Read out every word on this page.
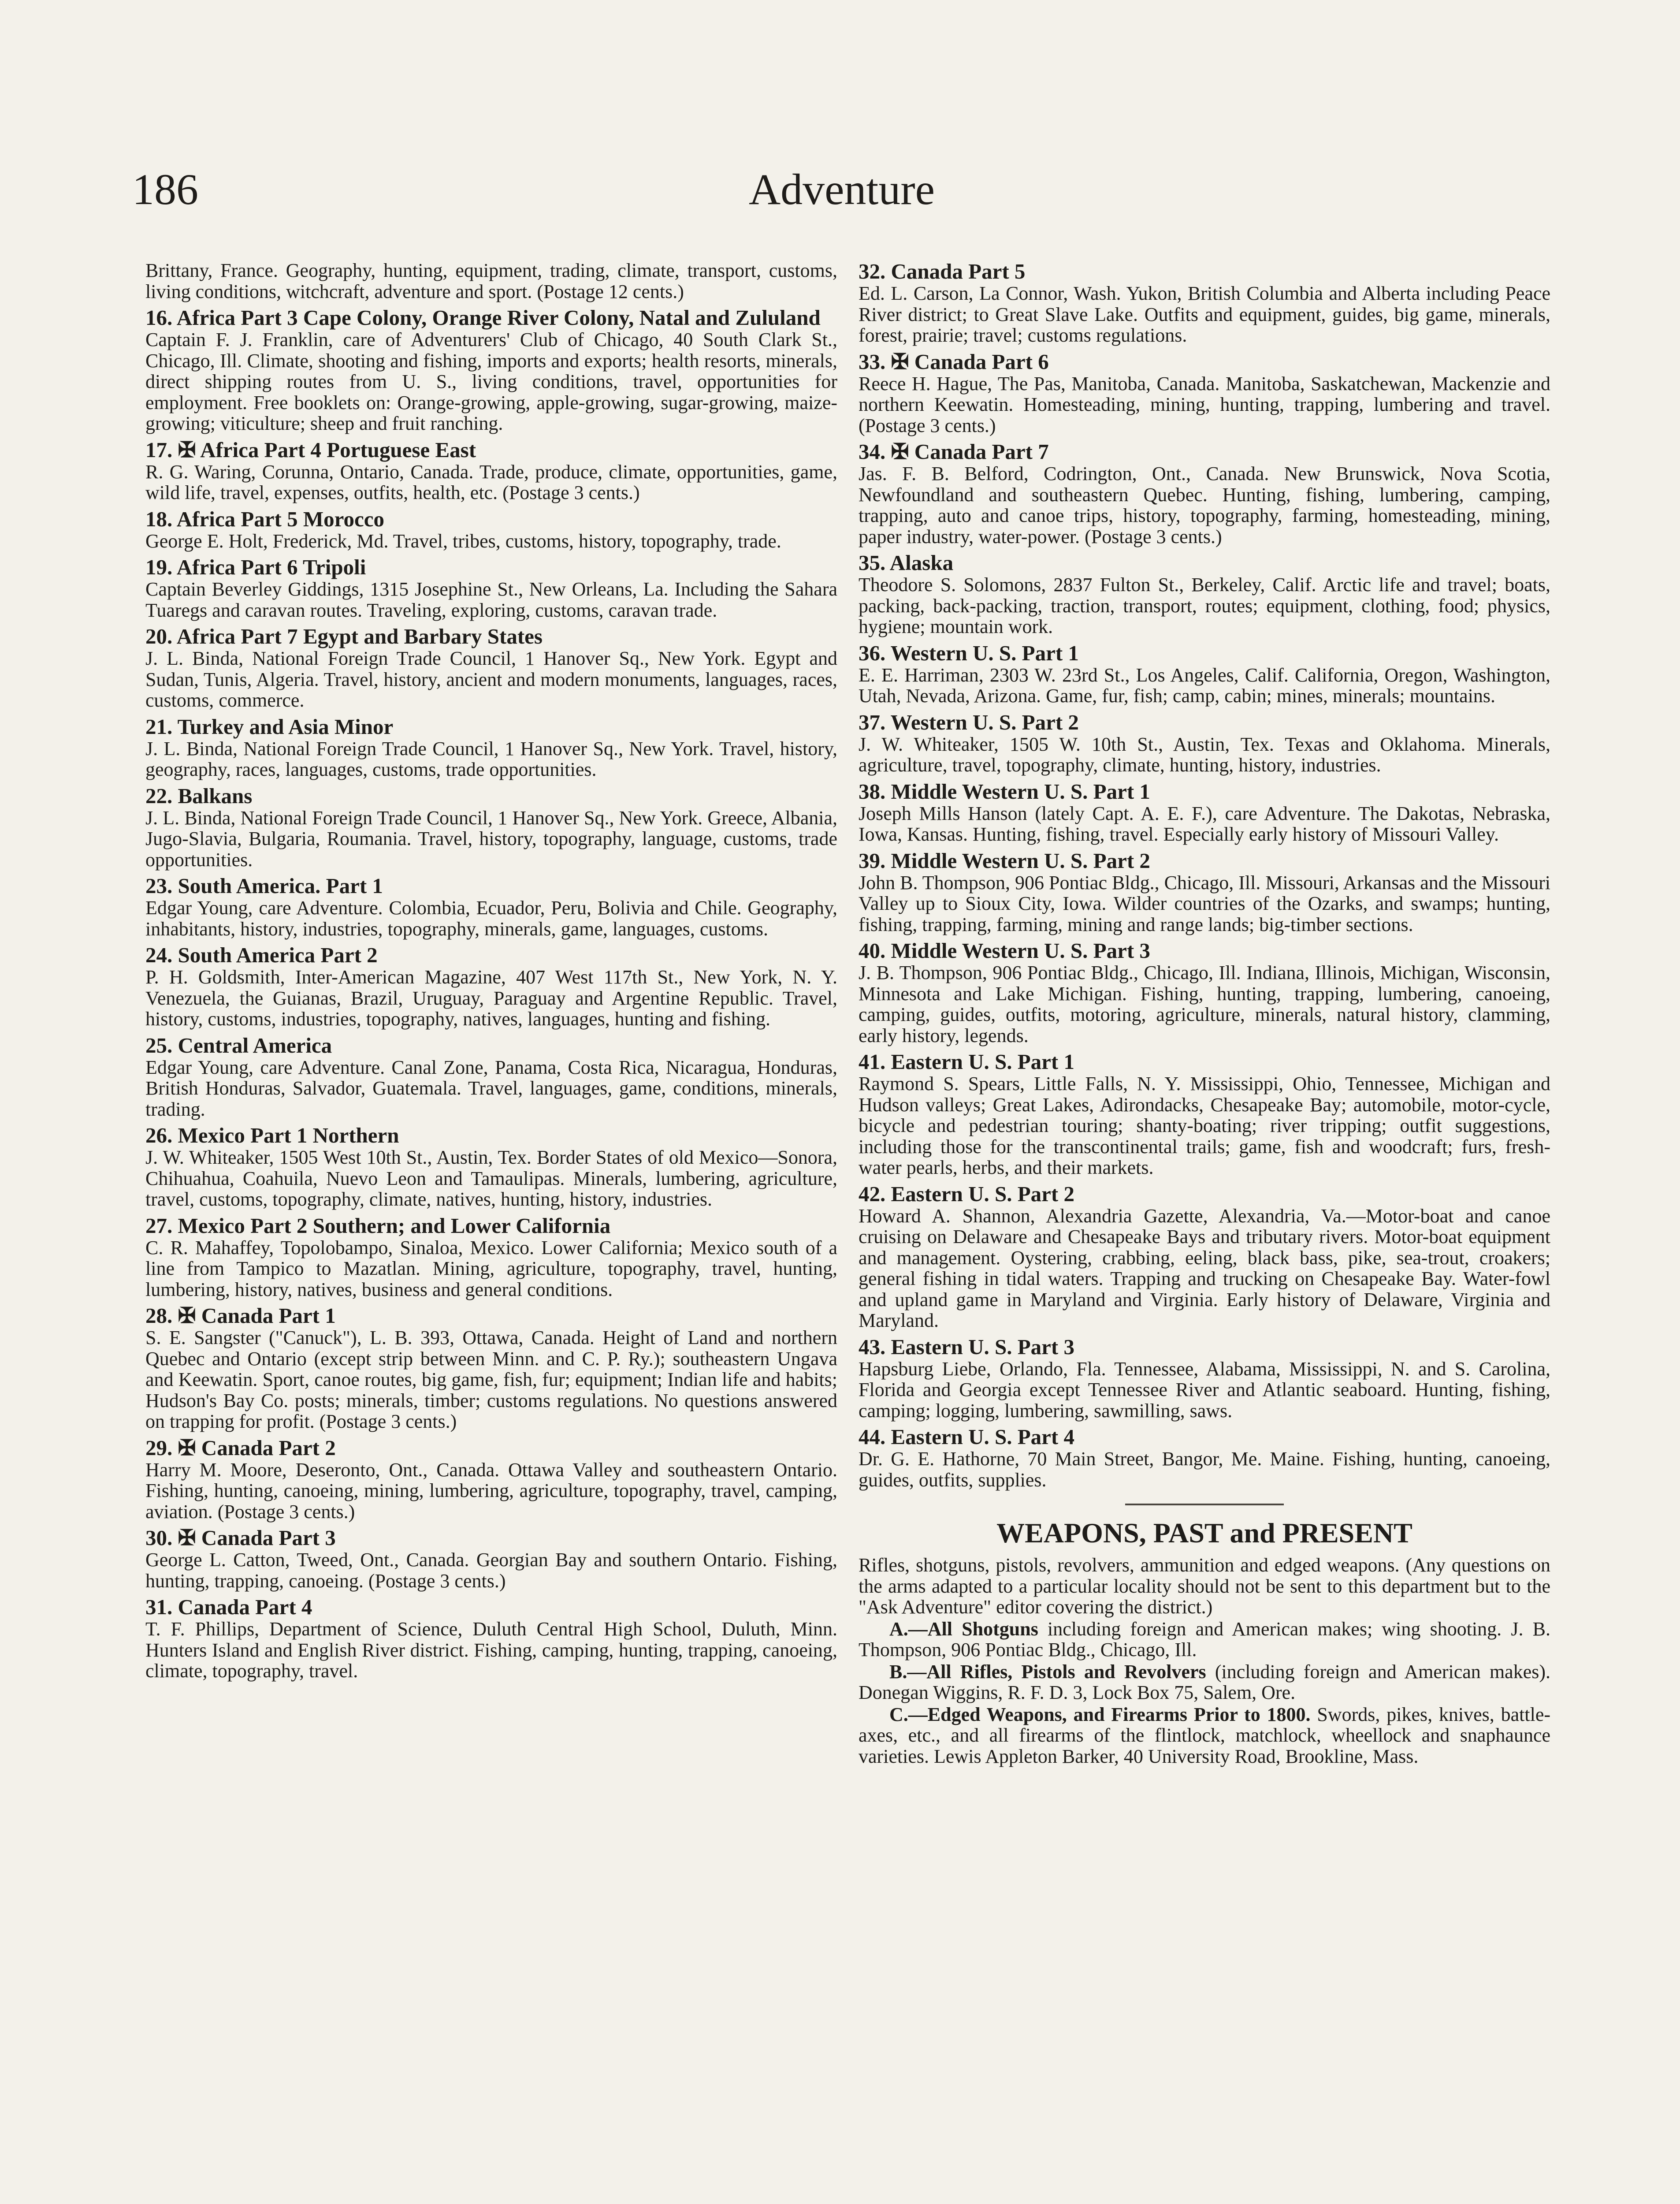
186	Adventure
Brittany, France. Geography, hunting, equipment, trading, climate, transport, customs, living conditions, witchcraft, adventure and sport. (Postage 12 cents.)
16. Africa Part 3 Cape Colony, Orange River Colony, Natal and Zululand
Captain F. J. Franklin, care of Adventurers' Club of Chicago, 40 South Clark St., Chicago, Ill. Climate, shooting and fishing, imports and exports; health resorts, minerals, direct shipping routes from U. S., living conditions, travel, opportunities for employment. Free booklets on: Orange-growing, apple-growing, sugar-growing, maize-growing; viticulture; sheep and fruit ranching.
17. ✠ Africa Part 4 Portuguese East
R. G. Waring, Corunna, Ontario, Canada. Trade, produce, climate, opportunities, game, wild life, travel, expenses, outfits, health, etc. (Postage 3 cents.)
18. Africa Part 5 Morocco
George E. Holt, Frederick, Md. Travel, tribes, customs, history, topography, trade.
19. Africa Part 6 Tripoli
Captain Beverley Giddings, 1315 Josephine St., New Orleans, La. Including the Sahara Tuaregs and caravan routes. Traveling, exploring, customs, caravan trade.
20. Africa Part 7 Egypt and Barbary States
J. L. Binda, National Foreign Trade Council, 1 Hanover Sq., New York. Egypt and Sudan, Tunis, Algeria. Travel, history, ancient and modern monuments, languages, races, customs, commerce.
21. Turkey and Asia Minor
J. L. Binda, National Foreign Trade Council, 1 Hanover Sq., New York. Travel, history, geography, races, languages, customs, trade opportunities.
22. Balkans
J. L. Binda, National Foreign Trade Council, 1 Hanover Sq., New York. Greece, Albania, Jugo-Slavia, Bulgaria, Roumania. Travel, history, topography, language, customs, trade opportunities.
23. South America. Part 1
Edgar Young, care Adventure. Colombia, Ecuador, Peru, Bolivia and Chile. Geography, inhabitants, history, industries, topography, minerals, game, languages, customs.
24. South America Part 2
P. H. Goldsmith, Inter-American Magazine, 407 West 117th St., New York, N. Y. Venezuela, the Guianas, Brazil, Uruguay, Paraguay and Argentine Republic. Travel, history, customs, industries, topography, natives, languages, hunting and fishing.
25. Central America
Edgar Young, care Adventure. Canal Zone, Panama, Costa Rica, Nicaragua, Honduras, British Honduras, Salvador, Guatemala. Travel, languages, game, conditions, minerals, trading.
26. Mexico Part 1 Northern
J. W. Whiteaker, 1505 West 10th St., Austin, Tex. Border States of old Mexico—Sonora, Chihuahua, Coahuila, Nuevo Leon and Tamaulipas. Minerals, lumbering, agriculture, travel, customs, topography, climate, natives, hunting, history, industries.
27. Mexico Part 2 Southern; and Lower California
C. R. Mahaffey, Topolobampo, Sinaloa, Mexico. Lower California; Mexico south of a line from Tampico to Mazatlan. Mining, agriculture, topography, travel, hunting, lumbering, history, natives, business and general conditions.
28. ✠ Canada Part 1
S. E. Sangster ("Canuck"), L. B. 393, Ottawa, Canada. Height of Land and northern Quebec and Ontario (except strip between Minn. and C. P. Ry.); southeastern Ungava and Keewatin. Sport, canoe routes, big game, fish, fur; equipment; Indian life and habits; Hudson's Bay Co. posts; minerals, timber; customs regulations. No questions answered on trapping for profit. (Postage 3 cents.)
29. ✠ Canada Part 2
Harry M. Moore, Deseronto, Ont., Canada. Ottawa Valley and southeastern Ontario. Fishing, hunting, canoeing, mining, lumbering, agriculture, topography, travel, camping, aviation. (Postage 3 cents.)
30. ✠ Canada Part 3
George L. Catton, Tweed, Ont., Canada. Georgian Bay and southern Ontario. Fishing, hunting, trapping, canoeing. (Postage 3 cents.)
31. Canada Part 4
T. F. Phillips, Department of Science, Duluth Central High School, Duluth, Minn. Hunters Island and English River district. Fishing, camping, hunting, trapping, canoeing, climate, topography, travel.
32. Canada Part 5
Ed. L. Carson, La Connor, Wash. Yukon, British Columbia and Alberta including Peace River district; to Great Slave Lake. Outfits and equipment, guides, big game, minerals, forest, prairie; travel; customs regulations.
33. ✠ Canada Part 6
Reece H. Hague, The Pas, Manitoba, Canada. Manitoba, Saskatchewan, Mackenzie and northern Keewatin. Homesteading, mining, hunting, trapping, lumbering and travel. (Postage 3 cents.)
34. ✠ Canada Part 7
Jas. F. B. Belford, Codrington, Ont., Canada. New Brunswick, Nova Scotia, Newfoundland and southeastern Quebec. Hunting, fishing, lumbering, camping, trapping, auto and canoe trips, history, topography, farming, homesteading, mining, paper industry, water-power. (Postage 3 cents.)
35. Alaska
Theodore S. Solomons, 2837 Fulton St., Berkeley, Calif. Arctic life and travel; boats, packing, back-packing, traction, transport, routes; equipment, clothing, food; physics, hygiene; mountain work.
36. Western U. S. Part 1
E. E. Harriman, 2303 W. 23rd St., Los Angeles, Calif. California, Oregon, Washington, Utah, Nevada, Arizona. Game, fur, fish; camp, cabin; mines, minerals; mountains.
37. Western U. S. Part 2
J. W. Whiteaker, 1505 W. 10th St., Austin, Tex. Texas and Oklahoma. Minerals, agriculture, travel, topography, climate, hunting, history, industries.
38. Middle Western U. S. Part 1
Joseph Mills Hanson (lately Capt. A. E. F.), care Adventure. The Dakotas, Nebraska, Iowa, Kansas. Hunting, fishing, travel. Especially early history of Missouri Valley.
39. Middle Western U. S. Part 2
John B. Thompson, 906 Pontiac Bldg., Chicago, Ill. Missouri, Arkansas and the Missouri Valley up to Sioux City, Iowa. Wilder countries of the Ozarks, and swamps; hunting, fishing, trapping, farming, mining and range lands; big-timber sections.
40. Middle Western U. S. Part 3
J. B. Thompson, 906 Pontiac Bldg., Chicago, Ill. Indiana, Illinois, Michigan, Wisconsin, Minnesota and Lake Michigan. Fishing, hunting, trapping, lumbering, canoeing, camping, guides, outfits, motoring, agriculture, minerals, natural history, clamming, early history, legends.
41. Eastern U. S. Part 1
Raymond S. Spears, Little Falls, N. Y. Mississippi, Ohio, Tennessee, Michigan and Hudson valleys; Great Lakes, Adirondacks, Chesapeake Bay; automobile, motor-cycle, bicycle and pedestrian touring; shanty-boating; river tripping; outfit suggestions, including those for the transcontinental trails; game, fish and woodcraft; furs, fresh-water pearls, herbs, and their markets.
42. Eastern U. S. Part 2
Howard A. Shannon, Alexandria Gazette, Alexandria, Va.—Motor-boat and canoe cruising on Delaware and Chesapeake Bays and tributary rivers. Motor-boat equipment and management. Oystering, crabbing, eeling, black bass, pike, sea-trout, croakers; general fishing in tidal waters. Trapping and trucking on Chesapeake Bay. Water-fowl and upland game in Maryland and Virginia. Early history of Delaware, Virginia and Maryland.
43. Eastern U. S. Part 3
Hapsburg Liebe, Orlando, Fla. Tennessee, Alabama, Mississippi, N. and S. Carolina, Florida and Georgia except Tennessee River and Atlantic seaboard. Hunting, fishing, camping; logging, lumbering, sawmilling, saws.
44. Eastern U. S. Part 4
Dr. G. E. Hathorne, 70 Main Street, Bangor, Me. Maine. Fishing, hunting, canoeing, guides, outfits, supplies.
WEAPONS, PAST and PRESENT
Rifles, shotguns, pistols, revolvers, ammunition and edged weapons. (Any questions on the arms adapted to a particular locality should not be sent to this department but to the "Ask Adventure" editor covering the district.)
A.—All Shotguns including foreign and American makes; wing shooting. J. B. Thompson, 906 Pontiac Bldg., Chicago, Ill.
B.—All Rifles, Pistols and Revolvers (including foreign and American makes). Donegan Wiggins, R. F. D. 3, Lock Box 75, Salem, Ore.
C.—Edged Weapons, and Firearms Prior to 1800. Swords, pikes, knives, battle-axes, etc., and all firearms of the flintlock, matchlock, wheellock and snaphaunce varieties. Lewis Appleton Barker, 40 University Road, Brookline, Mass.
